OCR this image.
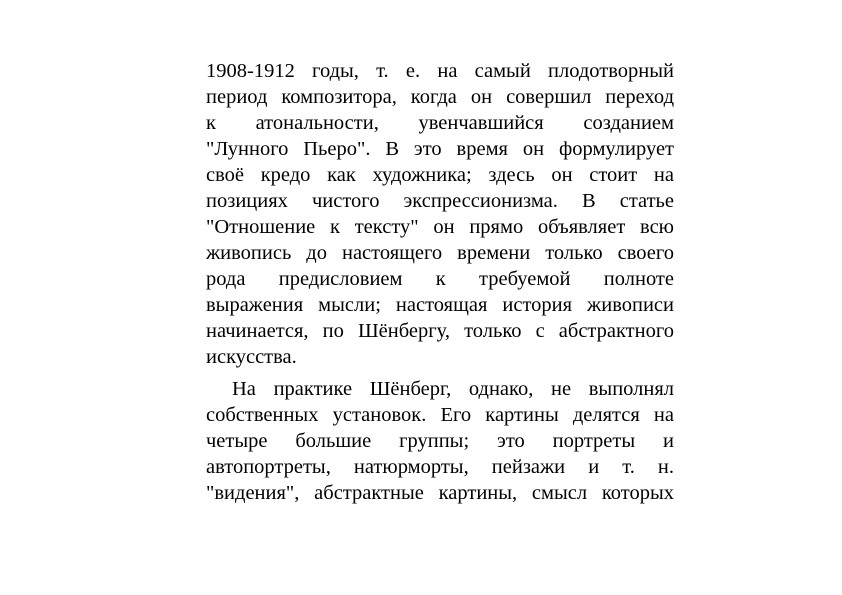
1908-1912 годы, т. е. на самый плодотворный
период композитора, когда он совершил переход
к атональности, увенчавшийся созданием
"Лунного Пьеро". В это время он формулирует
своё кредо как художника; здесь он стоит на
позициях чистого экспрессионизма. В статье
"Отношение к тексту" он прямо объявляет всю
живопись до настоящего времени только своего
рода предисловием к требуемой полноте
выражения мысли; настоящая история живописи
начинается, по Шёнбергу, только с абстрактного
искусства.
На практике Шёнберг, однако, не выполнял
собственных установок. Его картины делятся на
четыре большие группы; это портреты и
автопортреты, натюрморты, пейзажи и т. н.
"видения", абстрактные картины, смысл которых
